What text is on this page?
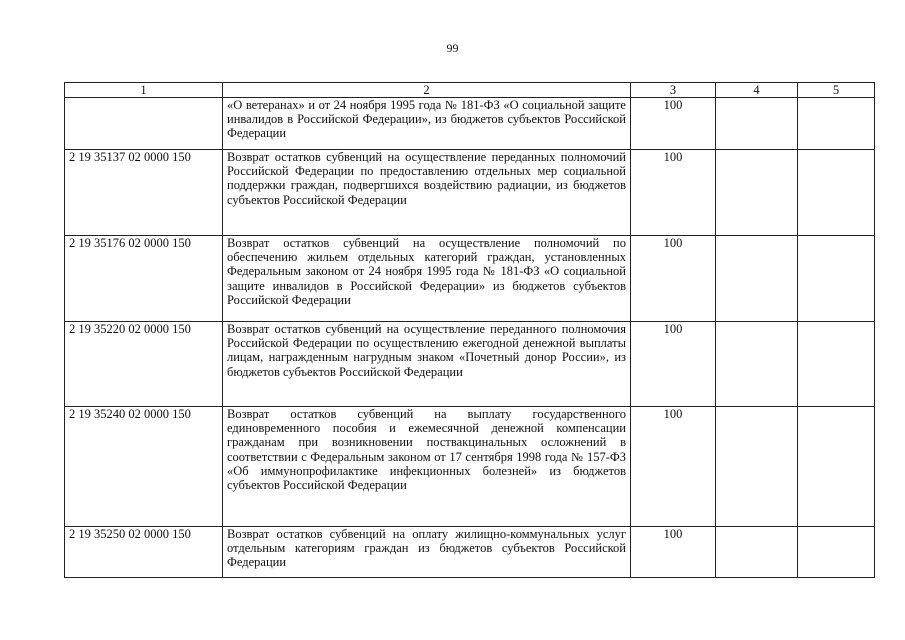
99
1	2	3	4	5
	«О ветеранах» и от 24 ноября 1995 года № 181-ФЗ «О социальной защите инвалидов в Российской Федерации», из бюджетов субъектов Российской Федерации	100		
2 19 35137 02 0000 150	Возврат остатков субвенций на осуществление переданных полномочий Российской Федерации по предоставлению отдельных мер социальной поддержки граждан, подвергшихся воздействию радиации, из бюджетов субъектов Российской Федерации	100		
2 19 35176 02 0000 150	Возврат остатков субвенций на осуществление полномочий по обеспечению жильем отдельных категорий граждан, установленных Федеральным законом от 24 ноября 1995 года № 181-ФЗ «О социальной защите инвалидов в Российской Федерации» из бюджетов субъектов Российской Федерации	100		
2 19 35220 02 0000 150	Возврат остатков субвенций на осуществление переданного полномочия Российской Федерации по осуществлению ежегодной денежной выплаты лицам, награжденным нагрудным знаком «Почетный донор России», из бюджетов субъектов Российской Федерации	100		
2 19 35240 02 0000 150	Возврат остатков субвенций на выплату государственного единовременного пособия и ежемесячной денежной компенсации гражданам при возникновении поствакцинальных осложнений в соответствии с Федеральным законом от 17 сентября 1998 года № 157-ФЗ «Об иммунопрофилактике инфекционных болезней» из бюджетов субъектов Российской Федерации	100		
2 19 35250 02 0000 150	Возврат остатков субвенций на оплату жилищно-коммунальных услуг отдельным категориям граждан из бюджетов субъектов Российской Федерации	100		
